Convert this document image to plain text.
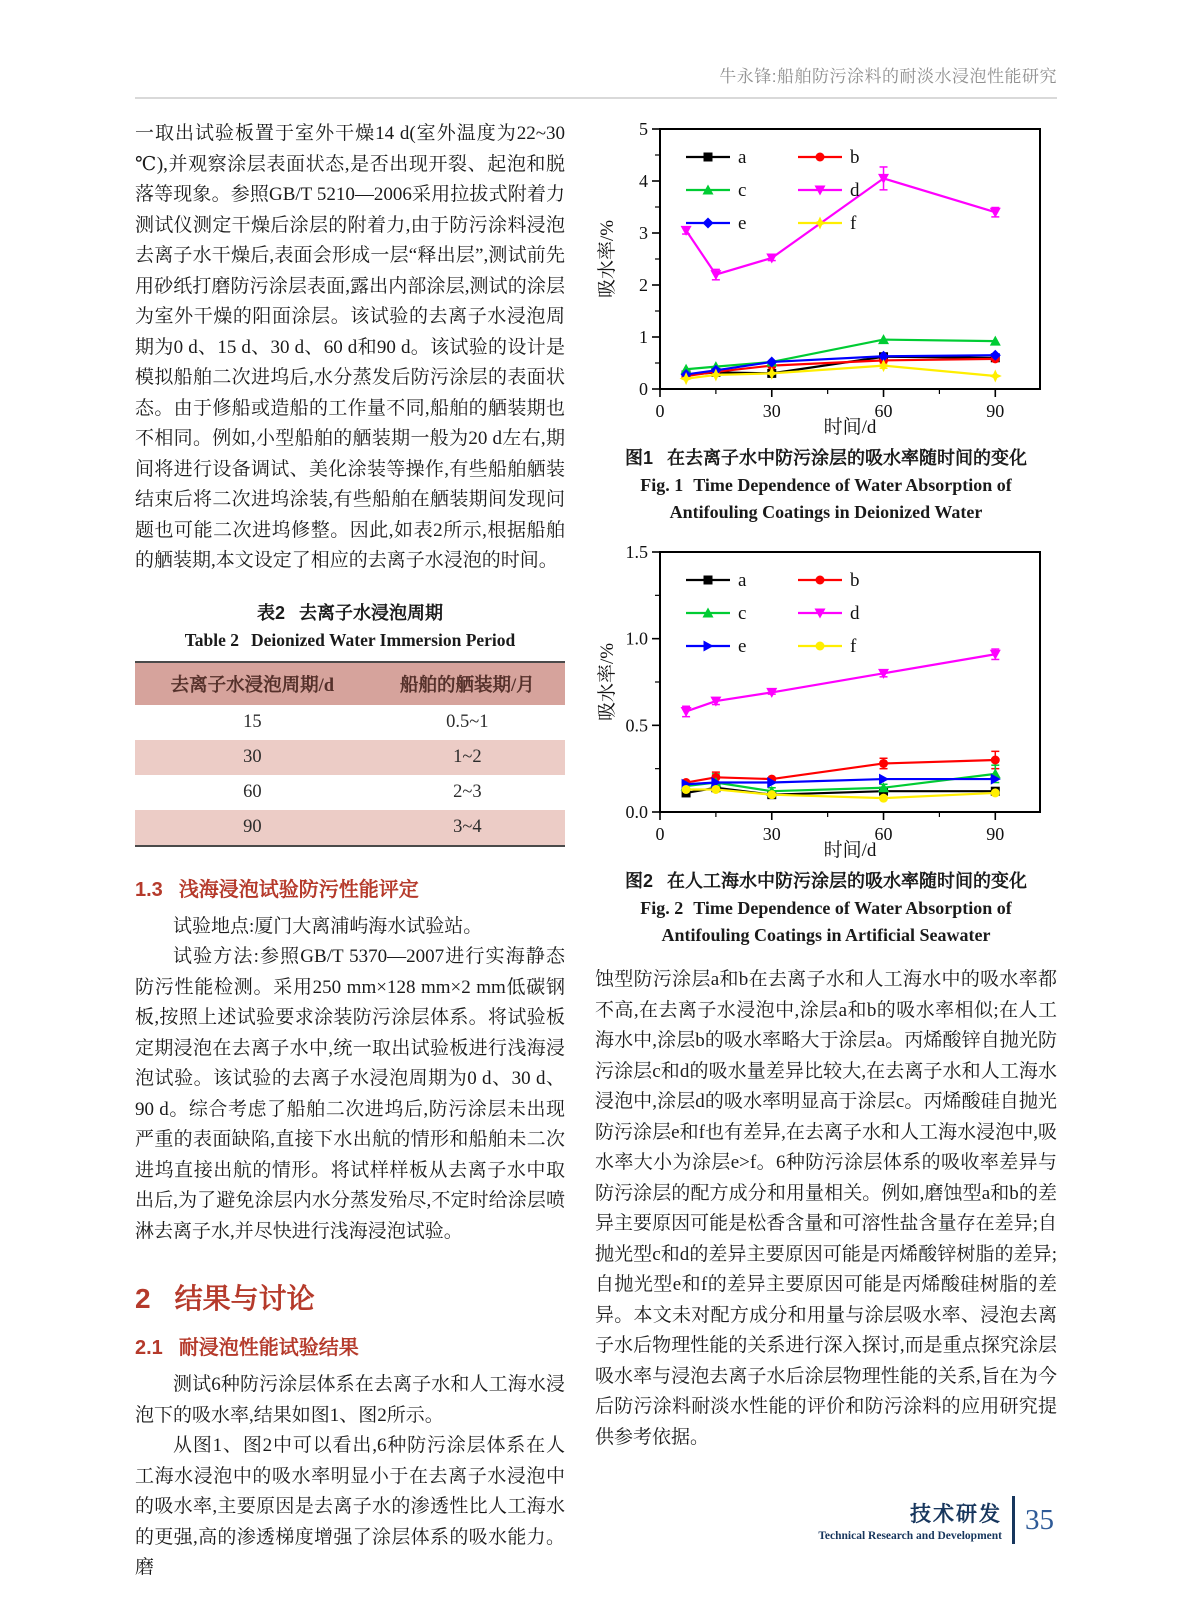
牛永锋:船舶防污涂料的耐淡水浸泡性能研究

一取出试验板置于室外干燥14 d(室外温度为22~30 ℃),并观察涂层表面状态,是否出现开裂、起泡和脱落等现象。参照GB/T 5210—2006采用拉拔式附着力测试仪测定干燥后涂层的附着力,由于防污涂料浸泡去离子水干燥后,表面会形成一层“释出层”,测试前先用砂纸打磨防污涂层表面,露出内部涂层,测试的涂层为室外干燥的阳面涂层。该试验的去离子水浸泡周期为0 d、15 d、30 d、60 d和90 d。该试验的设计是模拟船舶二次进坞后,水分蒸发后防污涂层的表面状态。由于修船或造船的工作量不同,船舶的舾装期也不相同。例如,小型船舶的舾装期一般为20 d左右,期间将进行设备调试、美化涂装等操作,有些船舶舾装结束后将二次进坞涂装,有些船舶在舾装期间发现问题也可能二次进坞修整。因此,如表2所示,根据船舶的舾装期,本文设定了相应的去离子水浸泡的时间。

表2 去离子水浸泡周期
Table 2 Deionized Water Immersion Period
去离子水浸泡周期/d	船舶的舾装期/月
15	0.5~1
30	1~2
60	2~3
90	3~4
1.3 浅海浸泡试验防污性能评定

试验地点:厦门大离浦屿海水试验站。

试验方法:参照GB/T 5370—2007进行实海静态防污性能检测。采用250 mm×128 mm×2 mm低碳钢板,按照上述试验要求涂装防污涂层体系。将试验板定期浸泡在去离子水中,统一取出试验板进行浅海浸泡试验。该试验的去离子水浸泡周期为0 d、30 d、90 d。综合考虑了船舶二次进坞后,防污涂层未出现严重的表面缺陷,直接下水出航的情形和船舶未二次进坞直接出航的情形。将试样样板从去离子水中取出后,为了避免涂层内水分蒸发殆尽,不定时给涂层喷淋去离子水,并尽快进行浅海浸泡试验。

2 结果与讨论
2.1 耐浸泡性能试验结果

测试6种防污涂层体系在去离子水和人工海水浸泡下的吸水率,结果如图1、图2所示。

从图1、图2中可以看出,6种防污涂层体系在人工海水浸泡中的吸水率明显小于在去离子水浸泡中的吸水率,主要原因是去离子水的渗透性比人工海水的更强,高的渗透梯度增强了涂层体系的吸水能力。磨

0	30	60	90
0
1
2
3
4
5
时间/d
吸水率/%
a	b
c	d
e	f
图1 在去离子水中防污涂层的吸水率随时间的变化
Fig. 1 Time Dependence of Water Absorption of
Antifouling Coatings in Deionized Water
0	30	60	90
0.0
0.5
1.0
1.5
时间/d
吸水率/%
a	b
c	d
e	f
图2 在人工海水中防污涂层的吸水率随时间的变化
Fig. 2 Time Dependence of Water Absorption of
Antifouling Coatings in Artificial Seawater

蚀型防污涂层a和b在去离子水和人工海水中的吸水率都不高,在去离子水浸泡中,涂层a和b的吸水率相似;在人工海水中,涂层b的吸水率略大于涂层a。丙烯酸锌自抛光防污涂层c和d的吸水量差异比较大,在去离子水和人工海水浸泡中,涂层d的吸水率明显高于涂层c。丙烯酸硅自抛光防污涂层e和f也有差异,在去离子水和人工海水浸泡中,吸水率大小为涂层e>f。6种防污涂层体系的吸收率差异与防污涂层的配方成分和用量相关。例如,磨蚀型a和b的差异主要原因可能是松香含量和可溶性盐含量存在差异;自抛光型c和d的差异主要原因可能是丙烯酸锌树脂的差异;自抛光型e和f的差异主要原因可能是丙烯酸硅树脂的差异。本文未对配方成分和用量与涂层吸水率、浸泡去离子水后物理性能的关系进行深入探讨,而是重点探究涂层吸水率与浸泡去离子水后涂层物理性能的关系,旨在为今后防污涂料耐淡水性能的评价和防污涂料的应用研究提供参考依据。

技术研发
Technical Research and Development
35
